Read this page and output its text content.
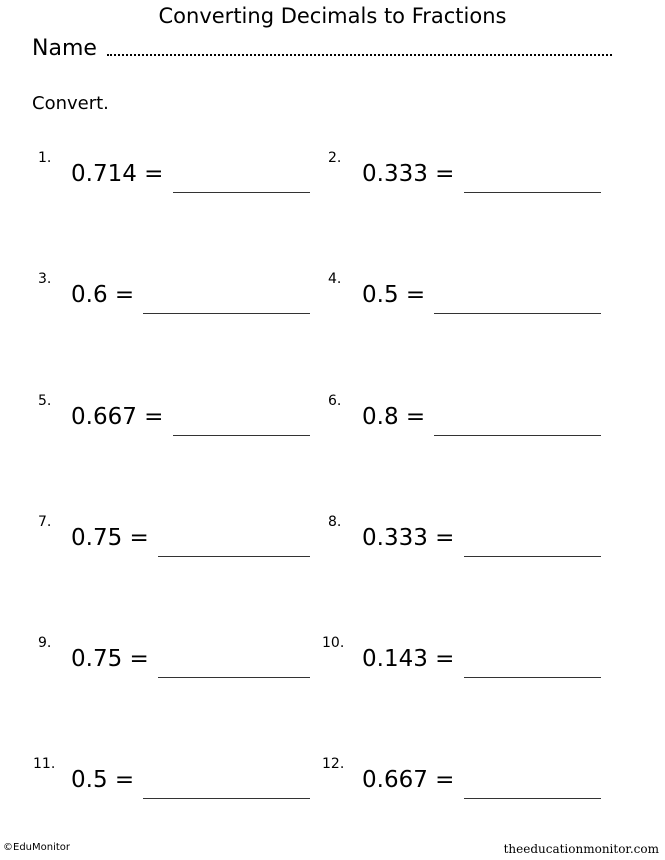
Converting Decimals to Fractions
Name
Convert.
1.
0.714 =
3.
0.6 =
5.
0.667 =
7.
0.75 =
9.
0.75 =
11.
0.5 =
2.
0.333 =
4.
0.5 =
6.
0.8 =
8.
0.333 =
10.
0.143 =
12.
0.667 =
©EduMonitor	theeducationmonitor.com
